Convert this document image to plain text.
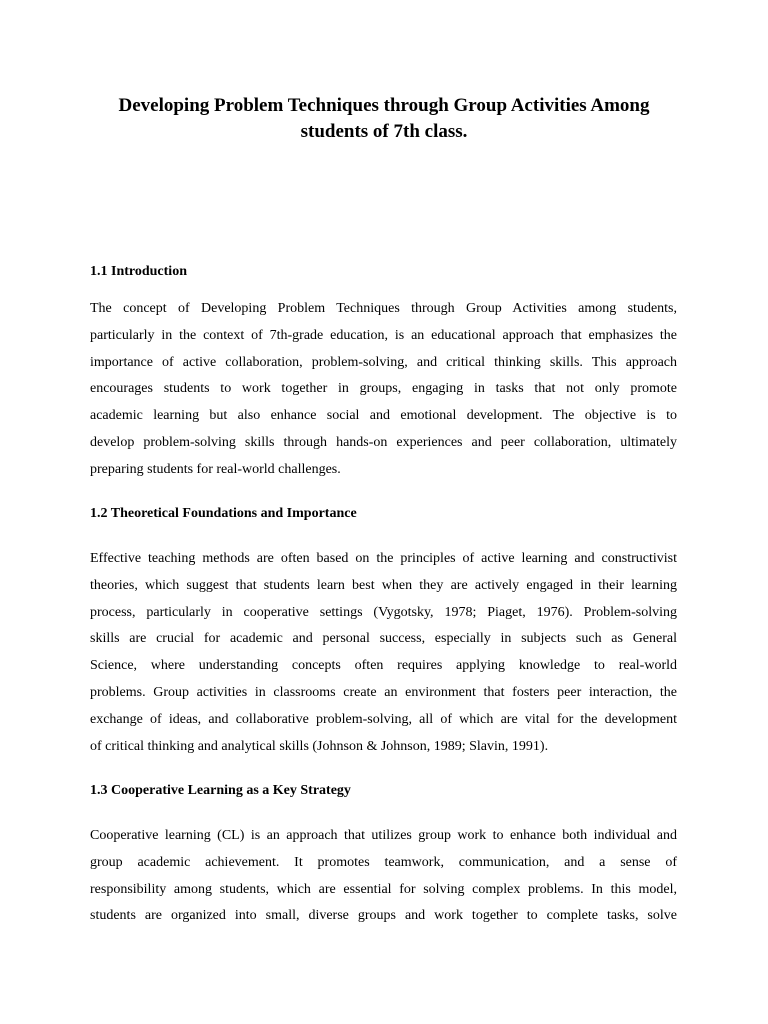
Developing Problem Techniques through Group Activities Among
students of 7th class.
1.1 Introduction
The concept of Developing Problem Techniques through Group Activities among students,
particularly in the context of 7th-grade education, is an educational approach that emphasizes the
importance of active collaboration, problem-solving, and critical thinking skills. This approach
encourages students to work together in groups, engaging in tasks that not only promote
academic learning but also enhance social and emotional development. The objective is to
develop problem-solving skills through hands-on experiences and peer collaboration, ultimately
preparing students for real-world challenges.
1.2 Theoretical Foundations and Importance
Effective teaching methods are often based on the principles of active learning and constructivist
theories, which suggest that students learn best when they are actively engaged in their learning
process, particularly in cooperative settings (Vygotsky, 1978; Piaget, 1976). Problem-solving
skills are crucial for academic and personal success, especially in subjects such as General
Science, where understanding concepts often requires applying knowledge to real-world
problems. Group activities in classrooms create an environment that fosters peer interaction, the
exchange of ideas, and collaborative problem-solving, all of which are vital for the development
of critical thinking and analytical skills (Johnson & Johnson, 1989; Slavin, 1991).
1.3 Cooperative Learning as a Key Strategy
Cooperative learning (CL) is an approach that utilizes group work to enhance both individual and
group academic achievement. It promotes teamwork, communication, and a sense of
responsibility among students, which are essential for solving complex problems. In this model,
students are organized into small, diverse groups and work together to complete tasks, solve
